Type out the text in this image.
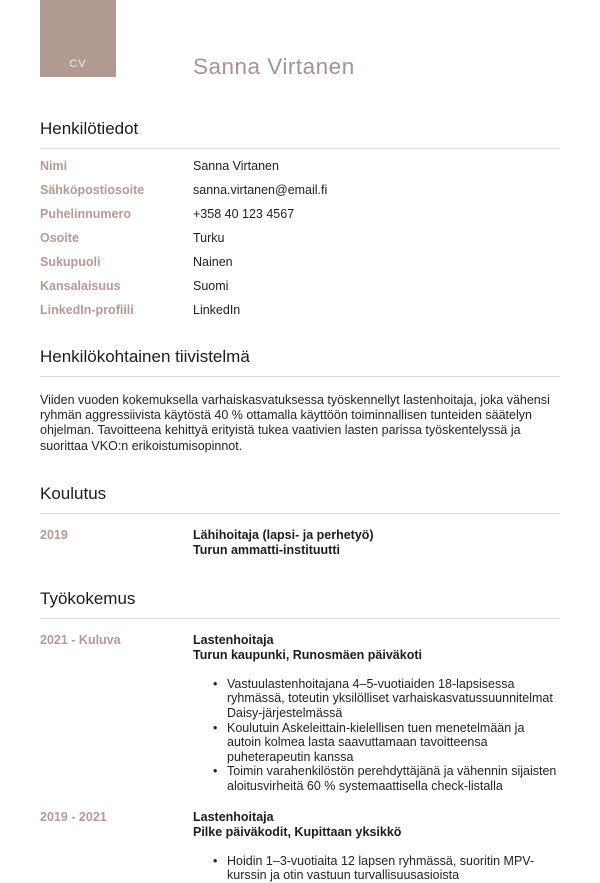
CV	Sanna Virtanen
Henkilötiedot
Nimi	Sanna Virtanen
Sähköpostiosoite	sanna.virtanen@email.fi
Puhelinnumero	+358 40 123 4567
Osoite	Turku
Sukupuoli	Nainen
Kansalaisuus	Suomi
LinkedIn-profiili	LinkedIn
Henkilökohtainen tiivistelmä

Viiden vuoden kokemuksella varhaiskasvatuksessa työskennellyt lastenhoitaja, joka vähensi ryhmän aggressiivista käytöstä 40 % ottamalla käyttöön toiminnallisen tunteiden säätelyn ohjelman. Tavoitteena kehittyä erityistä tukea vaativien lasten parissa työskentelyssä ja suorittaa VKO:n erikoistumisopinnot.

Koulutus
2019	Lähihoitaja (lapsi- ja perhetyö)
Turun ammatti-instituutti
Työkokemus
2021 - Kuluva	Lastenhoitaja
Turun kaupunki, Runosmäen päiväkoti
• Vastuulastenhoitajana 4–5-vuotiaiden 18-lapsisessa ryhmässä, toteutin yksilölliset varhaiskasvatussuunnitelmat Daisy-järjestelmässä
• Koulutuin Askeleittain-kielellisen tuen menetelmään ja autoin kolmea lasta saavuttamaan tavoitteensa puheterapeutin kanssa
• Toimin varahenkilöstön perehdyttäjänä ja vähennin sijaisten aloitusvirheitä 60 % systemaattisella check-listalla
2019 - 2021	Lastenhoitaja
Pilke päiväkodit, Kupittaan yksikkö
• Hoidin 1–3-vuotiaita 12 lapsen ryhmässä, suoritin MPV-kurssin ja otin vastuun turvallisuusasioista
